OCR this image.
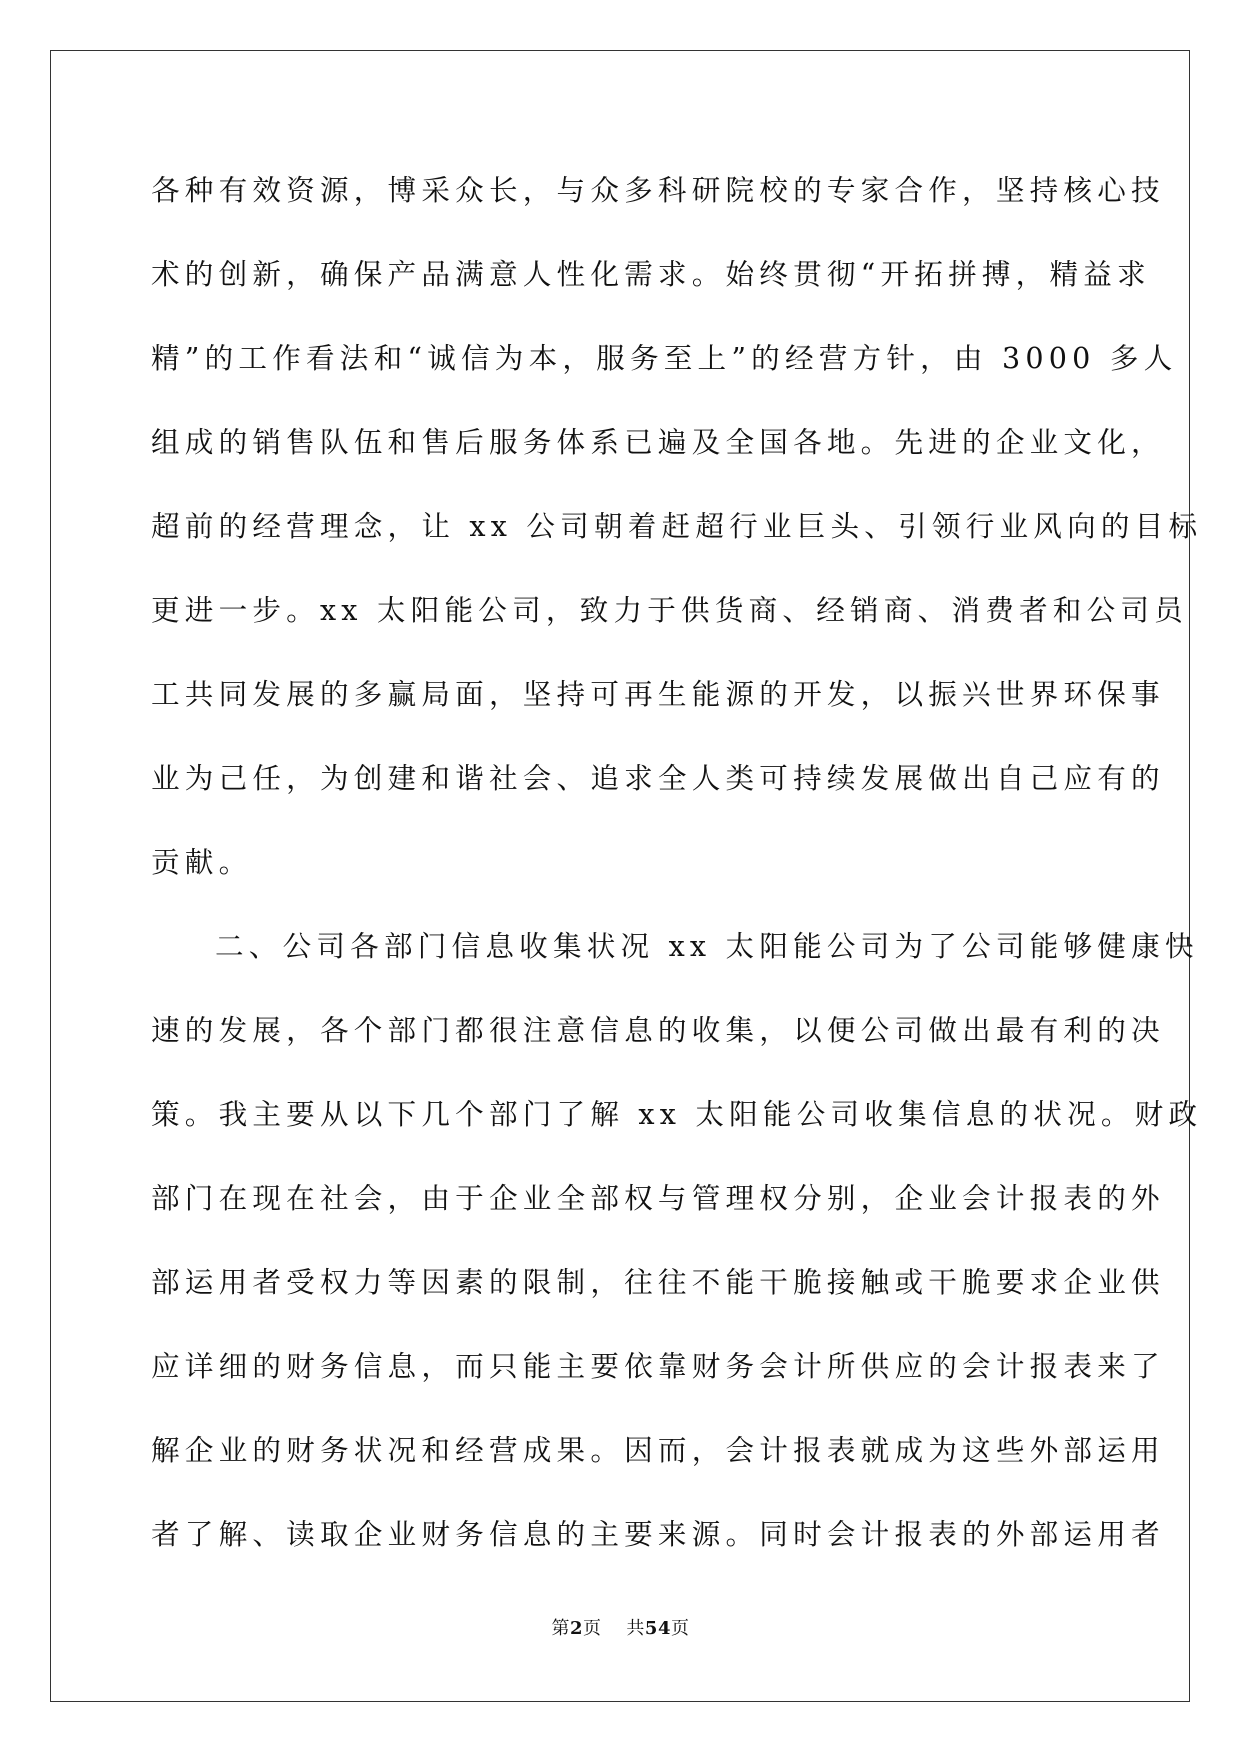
各种有效资源，博采众长，与众多科研院校的专家合作，坚持核心技
术的创新，确保产品满意人性化需求。始终贯彻“开拓拼搏，精益求
精”的工作看法和“诚信为本，服务至上”的经营方针，由 3000 多人
组成的销售队伍和售后服务体系已遍及全国各地。先进的企业文化，
超前的经营理念，让 xx 公司朝着赶超行业巨头、引领行业风向的目标
更进一步。xx 太阳能公司，致力于供货商、经销商、消费者和公司员
工共同发展的多赢局面，坚持可再生能源的开发，以振兴世界环保事
业为己任，为创建和谐社会、追求全人类可持续发展做出自己应有的
贡献。
二、公司各部门信息收集状况 xx 太阳能公司为了公司能够健康快
速的发展，各个部门都很注意信息的收集，以便公司做出最有利的决
策。我主要从以下几个部门了解 xx 太阳能公司收集信息的状况。财政
部门在现在社会，由于企业全部权与管理权分别，企业会计报表的外
部运用者受权力等因素的限制，往往不能干脆接触或干脆要求企业供
应详细的财务信息，而只能主要依靠财务会计所供应的会计报表来了
解企业的财务状况和经营成果。因而，会计报表就成为这些外部运用
者了解、读取企业财务信息的主要来源。同时会计报表的外部运用者
第2页 共54页
